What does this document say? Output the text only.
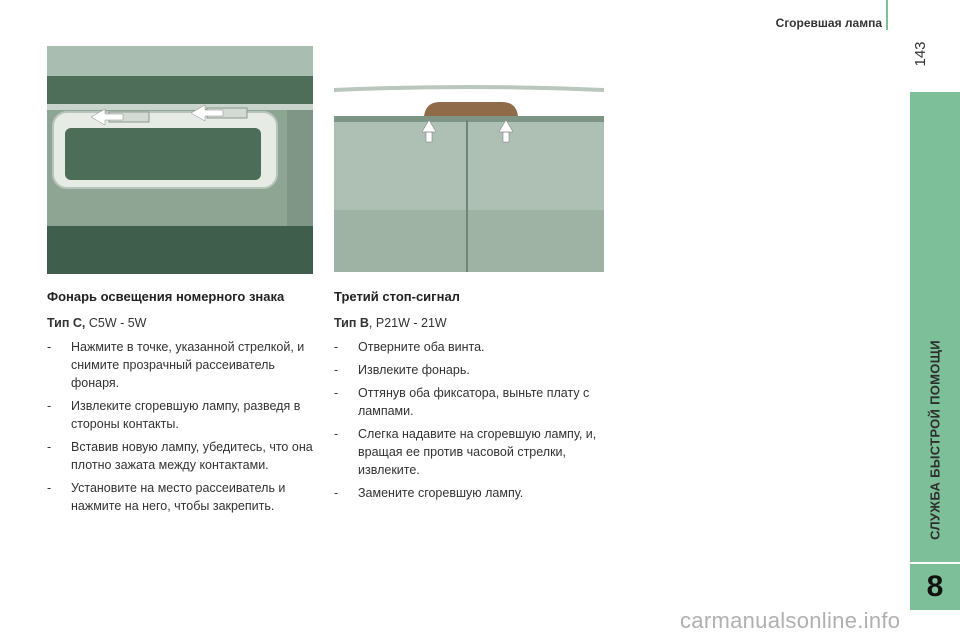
Сгоревшая лампа
143
СЛУЖБА БЫСТРОЙ ПОМОЩИ
8
Фонарь освещения номерного знака
Тип С, C5W - 5W
- Нажмите в точке, указанной стрелкой, и снимите прозрачный рассеиватель фонаря.
- Извлеките сгоревшую лампу, разведя в стороны контакты.
- Вставив новую лампу, убедитесь, что она плотно зажата между контактами.
- Установите на место рассеиватель и нажмите на него, чтобы закрепить.
Третий стоп-сигнал
Тип В, P21W - 21W
- Отверните оба винта.
- Извлеките фонарь.
- Оттянув оба фиксатора, выньте плату с лампами.
- Слегка надавите на сгоревшую лампу, и, вращая ее против часовой стрелки, извлеките.
- Замените сгоревшую лампу.
carmanualsonline.info
